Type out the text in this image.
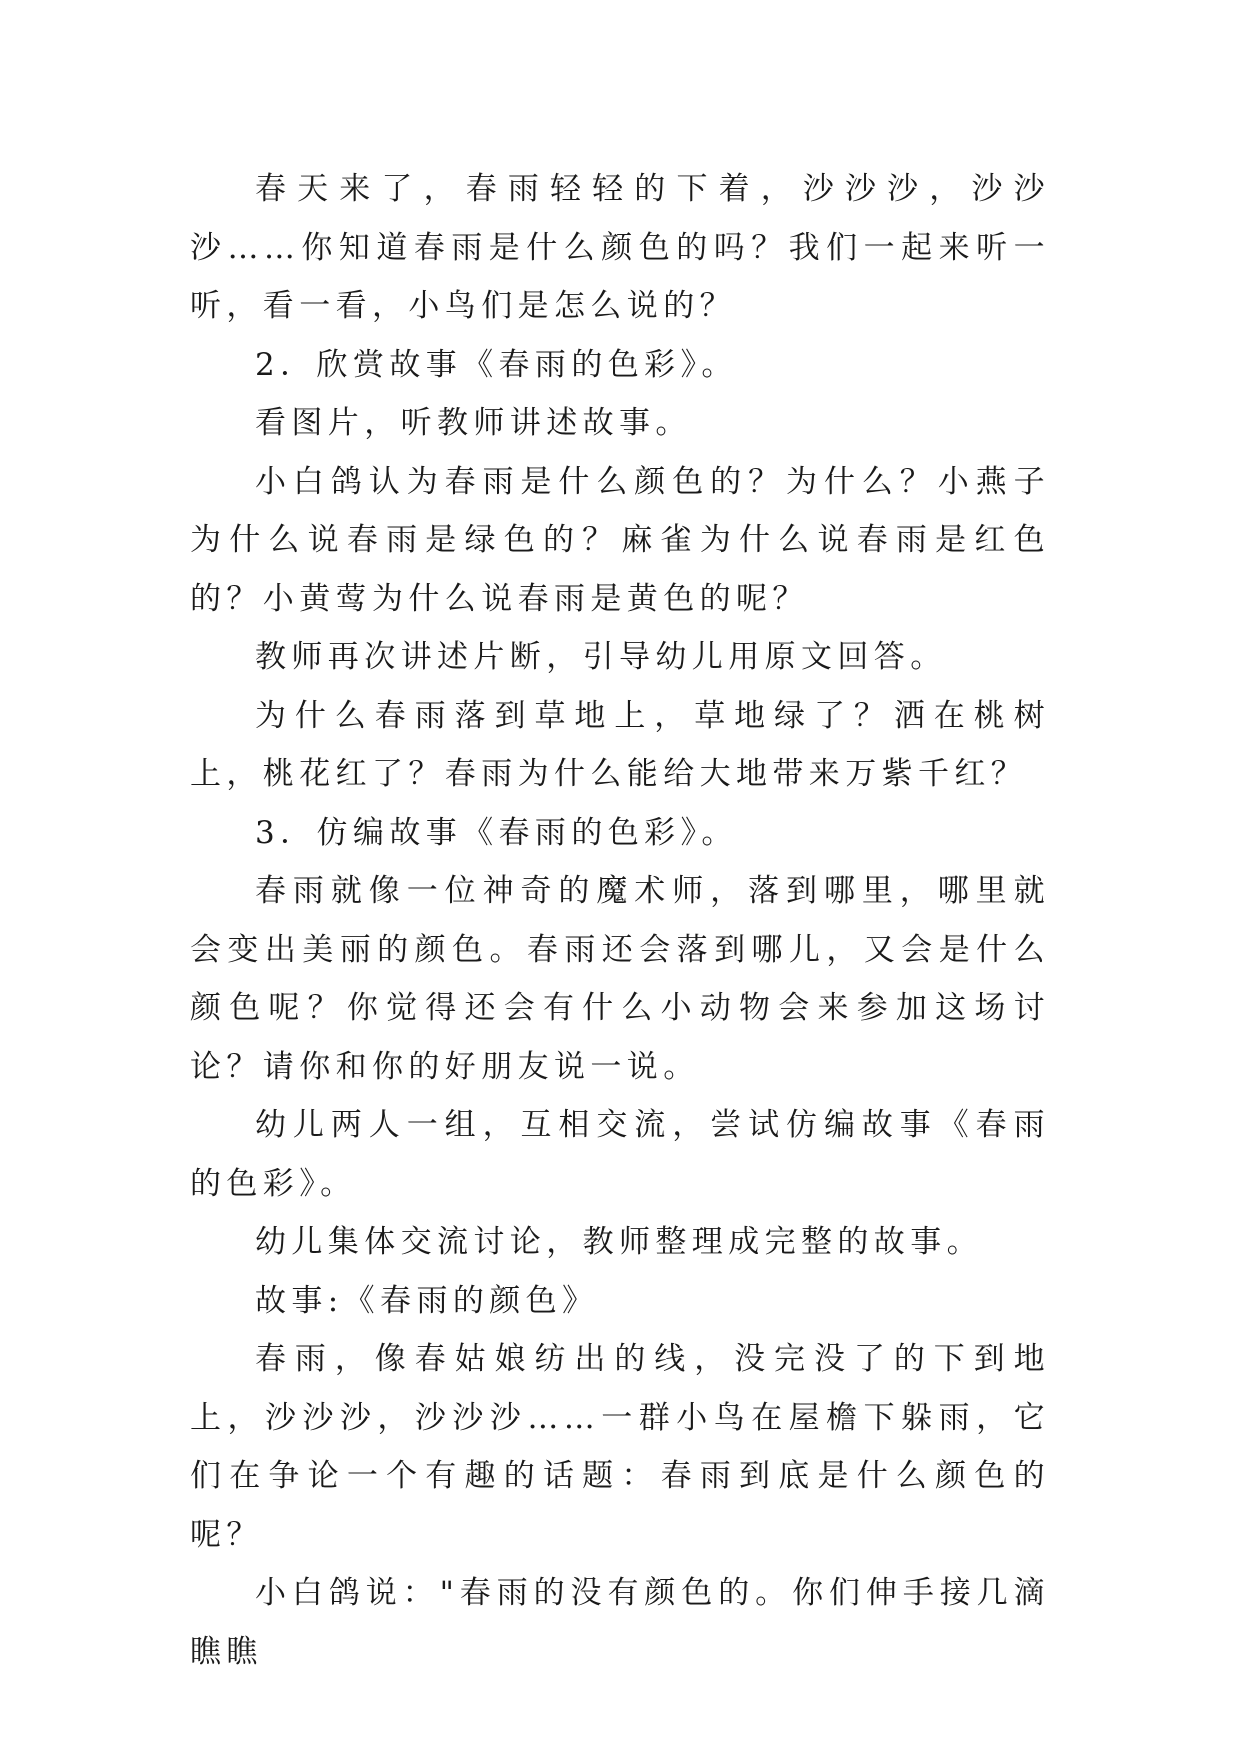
春天来了，春雨轻轻的下着，沙沙沙，沙沙沙……你知道春雨是什么颜色的吗？我们一起来听一听，看一看，小鸟们是怎么说的？

2．欣赏故事《春雨的色彩》。

看图片，听教师讲述故事。

小白鸽认为春雨是什么颜色的？为什么？小燕子为什么说春雨是绿色的？麻雀为什么说春雨是红色的？小黄莺为什么说春雨是黄色的呢？

教师再次讲述片断，引导幼儿用原文回答。

为什么春雨落到草地上，草地绿了？洒在桃树上，桃花红了？春雨为什么能给大地带来万紫千红？

3．仿编故事《春雨的色彩》。

春雨就像一位神奇的魔术师，落到哪里，哪里就会变出美丽的颜色。春雨还会落到哪儿，又会是什么颜色呢？你觉得还会有什么小动物会来参加这场讨论？请你和你的好朋友说一说。

幼儿两人一组，互相交流，尝试仿编故事《春雨的色彩》。

幼儿集体交流讨论，教师整理成完整的故事。

故事:《春雨的颜色》

春雨，像春姑娘纺出的线，没完没了的下到地上，沙沙沙，沙沙沙……一群小鸟在屋檐下躲雨，它们在争论一个有趣的话题：春雨到底是什么颜色的呢？

小白鸽说："春雨的没有颜色的。你们伸手接几滴瞧瞧
